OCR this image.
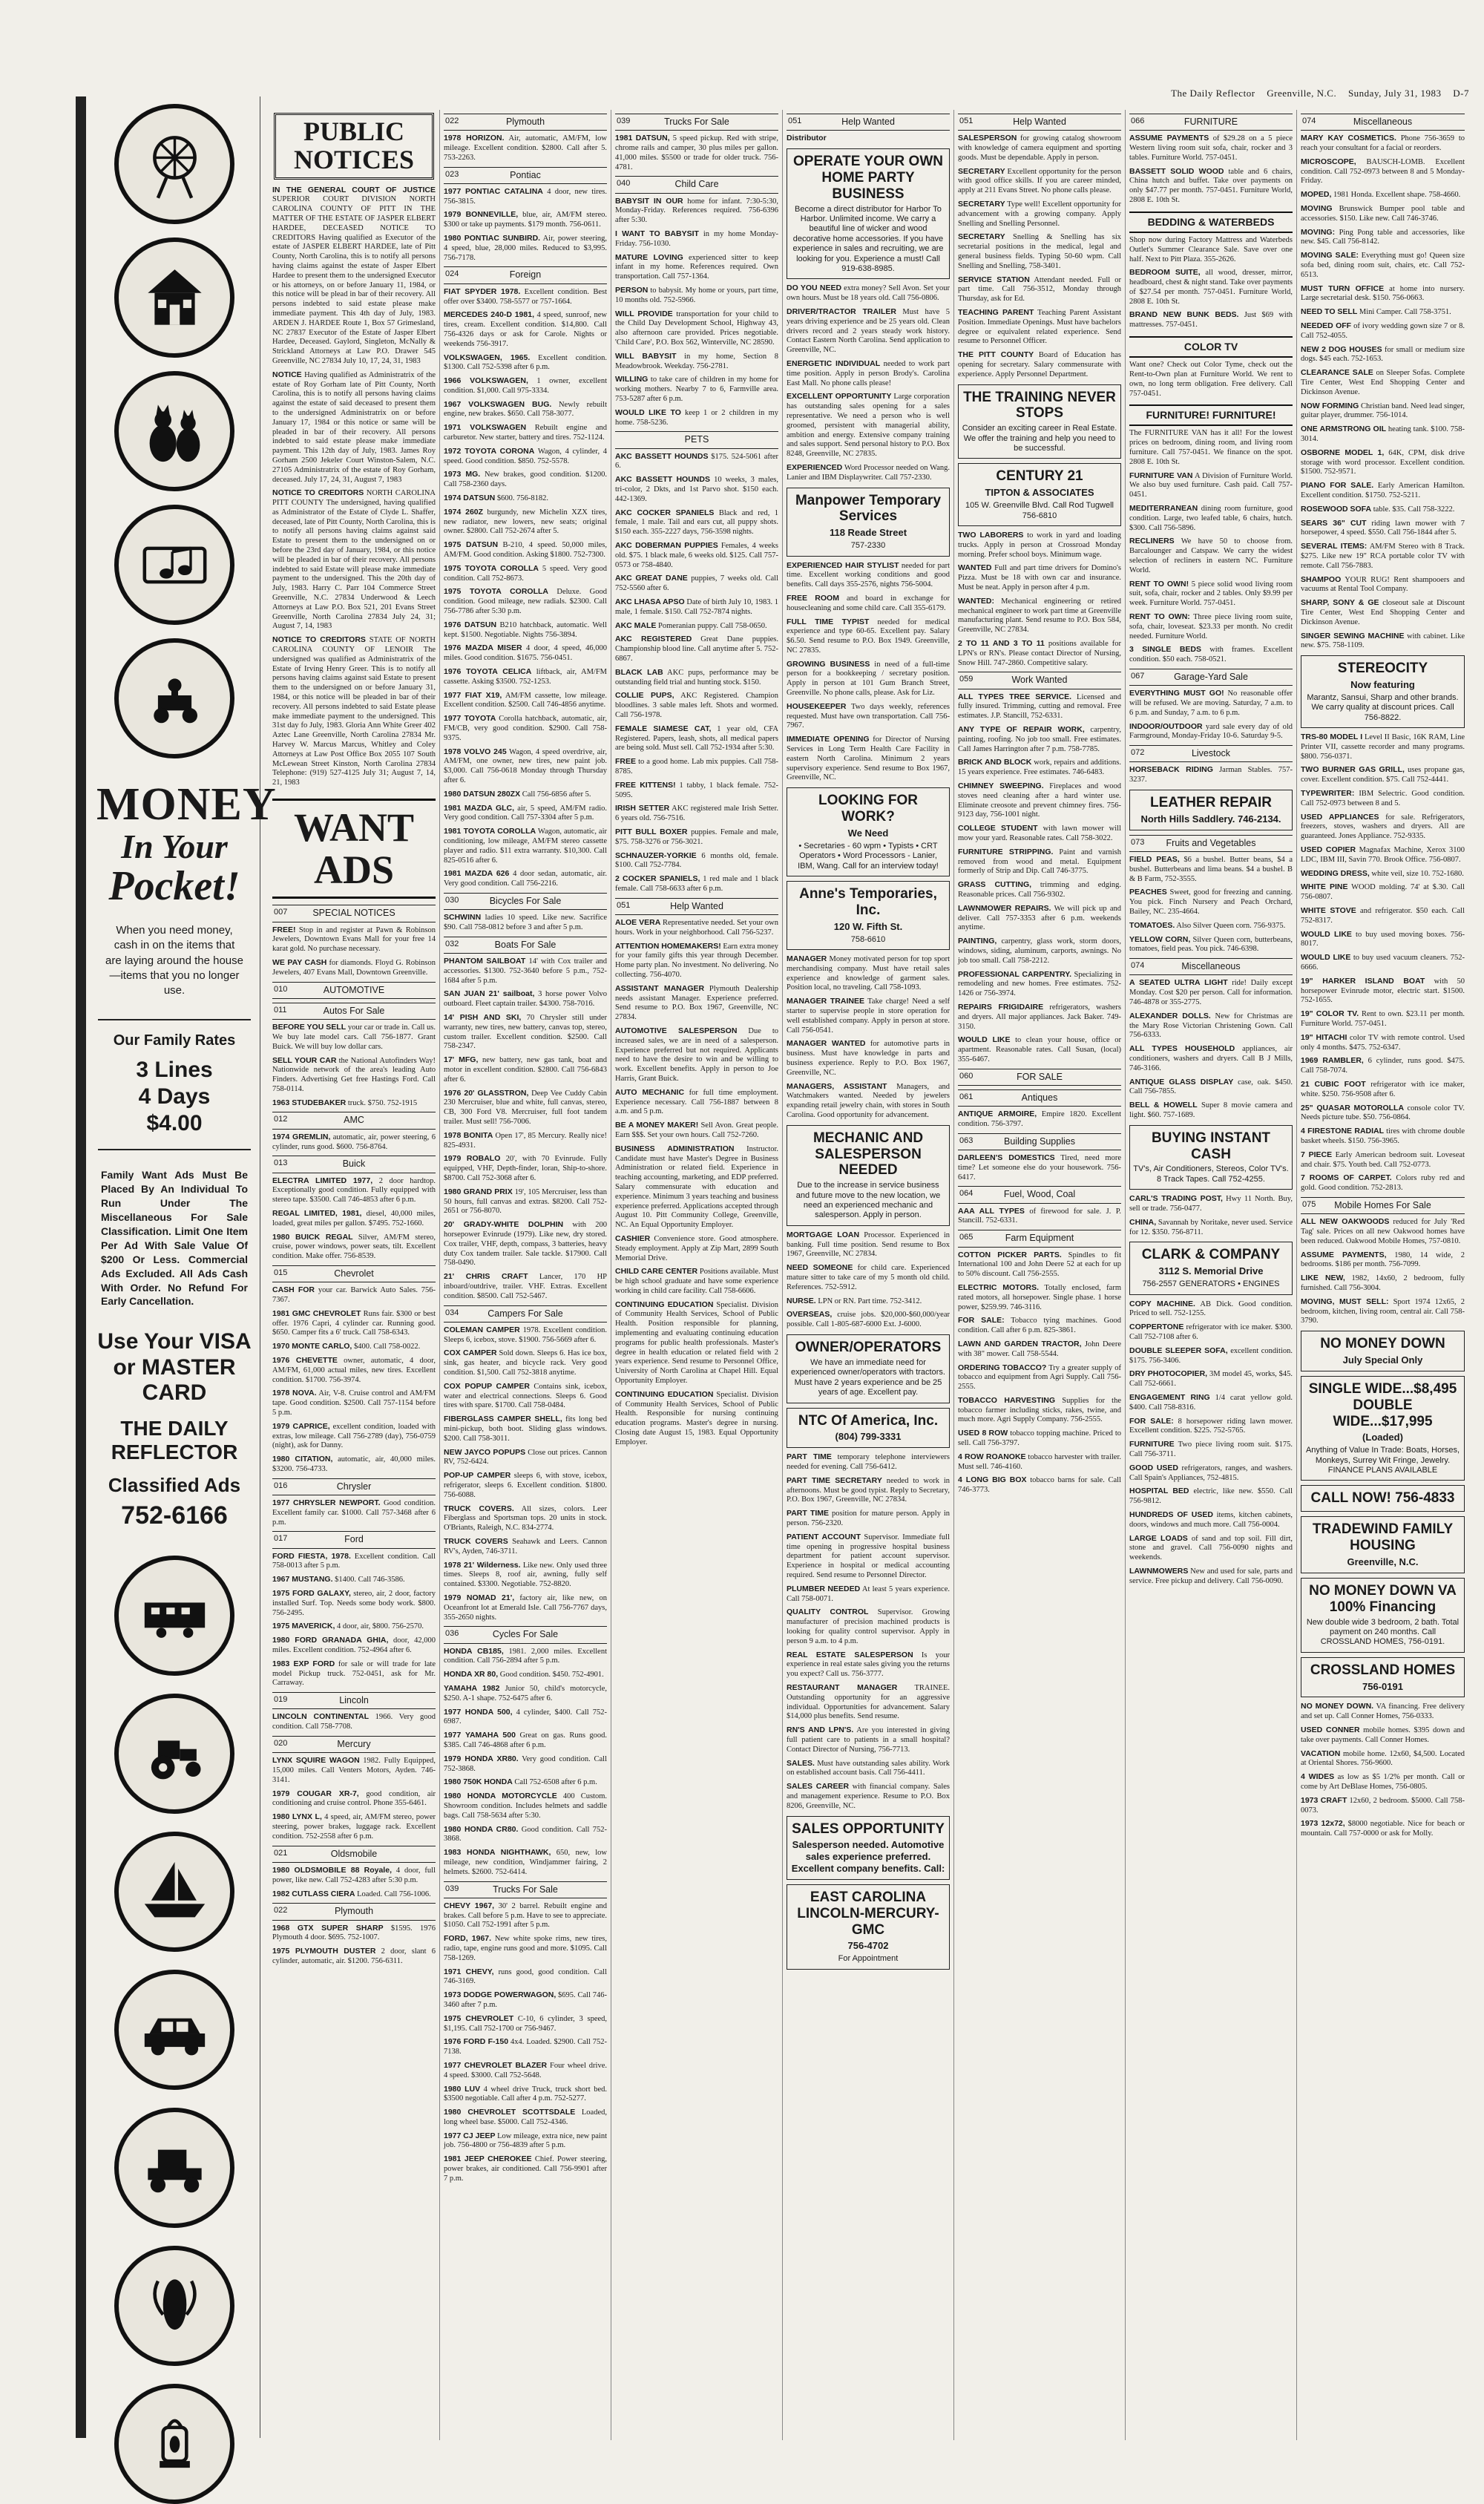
The Daily Reflector Greenville, N.C. Sunday, July 31, 1983 D-7
MONEY
In Your
Pocket!
When you need money, cash in on the items that are laying around the house—items that you no longer use.
Our Family Rates
3 Lines
4 Days
$4.00
Family Want Ads Must Be Placed By An Individual To Run Under The Miscellaneous For Sale Classification. Limit One Item Per Ad With Sale Value Of $200 Or Less. Commercial Ads Excluded. All Ads Cash With Order. No Refund For Early Cancellation.
Use Your VISA or MASTER CARD
THE DAILY REFLECTOR
Classified Ads
752-6166
PUBLIC NOTICES
IN THE GENERAL COURT OF JUSTICE SUPERIOR COURT DIVISION NORTH CAROLINA COUNTY OF PITT IN THE MATTER OF THE ESTATE OF JASPER ELBERT HARDEE, DECEASED NOTICE TO CREDITORS Having qualified as Executor of the estate of JASPER ELBERT HARDEE, late of Pitt County, North Carolina, this is to notify all persons having claims against the estate of Jasper Elbert Hardee to present them to the undersigned Executor or his attorneys, on or before January 11, 1984, or this notice will be plead in bar of their recovery. All persons indebted to said estate please make immediate payment. This 4th day of July, 1983. ARDEN J. HARDEE Route 1, Box 57 Grimesland, NC 27837 Executor of the Estate of Jasper Elbert Hardee, Deceased. Gaylord, Singleton, McNally & Strickland Attorneys at Law P.O. Drawer 545 Greenville, NC 27834 July 10, 17, 24, 31, 1983
NOTICE Having qualified as Administratrix of the estate of Roy Gorham late of Pitt County, North Carolina, this is to notify all persons having claims against the estate of said deceased to present them to the undersigned Administratrix on or before January 17, 1984 or this notice or same will be pleaded in bar of their recovery. All persons indebted to said estate please make immediate payment. This 12th day of July, 1983. James Roy Gorham 2500 Jekeler Court Winston-Salem, N.C. 27105 Administratrix of the estate of Roy Gorham, deceased. July 17, 24, 31, August 7, 1983
NOTICE TO CREDITORS NORTH CAROLINA PITT COUNTY The undersigned, having qualified as Administrator of the Estate of Clyde L. Shaffer, deceased, late of Pitt County, North Carolina, this is to notify all persons having claims against said Estate to present them to the undersigned on or before the 23rd day of January, 1984, or this notice will be pleaded in bar of their recovery. All persons indebted to said Estate will please make immediate payment to the undersigned. This the 20th day of July, 1983. Harry C. Parr 104 Commerce Street Greenville, N.C. 27834 Underwood & Leech Attorneys at Law P.O. Box 521, 201 Evans Street Greenville, North Carolina 27834 July 24, 31; August 7, 14, 1983
NOTICE TO CREDITORS STATE OF NORTH CAROLINA COUNTY OF LENOIR The undersigned was qualified as Administratrix of the Estate of Irving Henry Greer. This is to notify all persons having claims against said Estate to present them to the undersigned on or before January 31, 1984, or this notice will be pleaded in bar of their recovery. All persons indebted to said Estate please make immediate payment to the undersigned. This 31st day fo July, 1983. Gloria Ann White Greer 402 Aztec Lane Greenville, North Carolina 27834 Mr. Harvey W. Marcus Marcus, Whitley and Coley Attorneys at Law Post Office Box 2055 107 South McLewean Street Kinston, North Carolina 27834 Telephone: (919) 527-4125 July 31; August 7, 14, 21, 1983
WANT ADS
007	SPECIAL NOTICES
FREE! Stop in and register at Pawn & Robinson Jewelers, Downtown Evans Mall for your free 14 karat gold. No purchase necessary.
WE PAY CASH for diamonds. Floyd G. Robinson Jewelers, 407 Evans Mall, Downtown Greenville.
010	AUTOMOTIVE
011	Autos For Sale
BEFORE YOU SELL your car or trade in. Call us. We buy late model cars. Call 756-1877. Grant Buick. We will buy low dollar cars.
SELL YOUR CAR the National Autofinders Way! Nationwide network of the area's leading Auto Finders. Advertising Get free Hastings Ford. Call 758-0114.
1963 STUDEBAKER truck. $750. 752-1915
012	AMC
1974 GREMLIN, automatic, air, power steering, 6 cylinder, runs good. $600. 756-8764.
013	Buick
ELECTRA LIMITED 1977, 2 door hardtop. Exceptionally good condition. Fully equipped with stereo tape. $3500. Call 746-4853 after 6 p.m.
REGAL LIMITED, 1981, diesel, 40,000 miles, loaded, great miles per gallon. $7495. 752-1660.
1980 BUICK REGAL Silver, AM/FM stereo, cruise, power windows, power seats, tilt. Excellent condition. Make offer. 756-8539.
015	Chevrolet
CASH FOR your car. Barwick Auto Sales. 756-7367.
1981 GMC CHEVROLET Runs fair. $300 or best offer. 1976 Capri, 4 cylinder car. Running good. $650. Camper fits a 6' truck. Call 758-6343.
1970 MONTE CARLO, $400. Call 758-0022.
1976 CHEVETTE owner, automatic, 4 door, AM/FM, 61,000 actual miles, new tires. Excellent condition. $1700. 756-3974.
1978 NOVA. Air, V-8. Cruise control and AM/FM tape. Good condition. $2500. Call 757-1154 before 5 p.m.
1979 CAPRICE, excellent condition, loaded with extras, low mileage. Call 756-2789 (day), 756-0759 (night), ask for Danny.
1980 CITATION, automatic, air, 40,000 miles. $3200. 756-4733.
016	Chrysler
1977 CHRYSLER NEWPORT. Good condition. Excellent family car. $1000. Call 757-3468 after 6 p.m.
017	Ford
FORD FIESTA, 1978. Excellent condition. Call 758-0013 after 5 p.m.
1967 MUSTANG. $1400. Call 746-3586.
1975 FORD GALAXY, stereo, air, 2 door, factory installed Surf. Top. Needs some body work. $800. 756-2495.
1975 MAVERICK, 4 door, air, $800. 756-2570.
1980 FORD GRANADA GHIA, door, 42,000 miles. Excellent condition. 752-4964 after 6.
1983 EXP FORD for sale or will trade for late model Pickup truck. 752-0451, ask for Mr. Carraway.
019	Lincoln
LINCOLN CONTINENTAL 1966. Very good condition. Call 758-7708.
020	Mercury
LYNX SQUIRE WAGON 1982. Fully Equipped, 15,000 miles. Call Venters Motors, Ayden. 746-3141.
1979 COUGAR XR-7, good condition, air conditioning and cruise control. Phone 355-6461.
1980 LYNX L, 4 speed, air, AM/FM stereo, power steering, power brakes, luggage rack. Excellent condition. 752-2558 after 6 p.m.
021	Oldsmobile
1980 OLDSMOBILE 88 Royale, 4 door, full power, like new. Call 752-4283 after 5:30 p.m.
1982 CUTLASS CIERA Loaded. Call 756-1006.
022	Plymouth
1968 GTX SUPER SHARP $1595. 1976 Plymouth 4 door. $695. 752-1007.
1975 PLYMOUTH DUSTER 2 door, slant 6 cylinder, automatic, air. $1200. 756-6311.
022	Plymouth
1978 HORIZON. Air, automatic, AM/FM, low mileage. Excellent condition. $2800. Call after 5. 753-2263.
023	Pontiac
1977 PONTIAC CATALINA 4 door, new tires. 756-3815.
1979 BONNEVILLE, blue, air, AM/FM stereo. $300 or take up payments. $179 month. 756-0611.
1980 PONTIAC SUNBIRD. Air, power steering, 4 speed, blue, 28,000 miles. Reduced to $3,995. 756-7178.
024	Foreign
FIAT SPYDER 1978. Excellent condition. Best offer over $3400. 758-5577 or 757-1664.
MERCEDES 240-D 1981, 4 speed, sunroof, new tires, cream. Excellent condition. $14,800. Call 756-4326 days or ask for Carole. Nights or weekends 756-3917.
VOLKSWAGEN, 1965. Excellent condition. $1300. Call 752-5398 after 6 p.m.
1966 VOLKSWAGEN, 1 owner, excellent condition. $1,000. Call 975-3334.
1967 VOLKSWAGEN BUG. Newly rebuilt engine, new brakes. $650. Call 758-3077.
1971 VOLKSWAGEN Rebuilt engine and carburetor. New starter, battery and tires. 752-1124.
1972 TOYOTA CORONA Wagon, 4 cylinder, 4 speed. Good condition. $850. 752-5578.
1973 MG. New brakes, good condition. $1200. Call 758-2360 days.
1974 DATSUN $600. 756-8182.
1974 260Z burgundy, new Michelin XZX tires, new radiator, new lowers, new seats; original owner. $2800. Call 752-2674 after 5.
1975 DATSUN B-210, 4 speed. 50,000 miles, AM/FM. Good condition. Asking $1800. 752-7300.
1975 TOYOTA COROLLA 5 speed. Very good condition. Call 752-8673.
1975 TOYOTA COROLLA Deluxe. Good condition. Good mileage, new radials. $2300. Call 756-7786 after 5:30 p.m.
1976 DATSUN B210 hatchback, automatic. Well kept. $1500. Negotiable. Nights 756-3894.
1976 MAZDA MISER 4 door, 4 speed, 46,000 miles. Good condition. $1675. 756-0451.
1976 TOYOTA CELICA liftback, air, AM/FM cassette. Asking $3500. 752-1253.
1977 FIAT X19, AM/FM cassette, low mileage. Excellent condition. $2500. Call 746-4856 anytime.
1977 TOYOTA Corolla hatchback, automatic, air, FM/CB, very good condition. $2900. Call 758-9375.
1978 VOLVO 245 Wagon, 4 speed overdrive, air, AM/FM, one owner, new tires, new paint job. $3,000. Call 756-0618 Monday through Thursday after 6.
1980 DATSUN 280ZX Call 756-6856 after 5.
1981 MAZDA GLC, air, 5 speed, AM/FM radio. Very good condition. Call 757-3304 after 5 p.m.
1981 TOYOTA COROLLA Wagon, automatic, air conditioning, low mileage, AM/FM stereo cassette player and radio. $11 extra warranty. $10,300. Call 825-0516 after 6.
1981 MAZDA 626 4 door sedan, automatic, air. Very good condition. Call 756-2216.
030	Bicycles For Sale
SCHWINN ladies 10 speed. Like new. Sacrifice $90. Call 758-0812 before 3 and after 5 p.m.
032	Boats For Sale
PHANTOM SAILBOAT 14' with Cox trailer and accessories. $1300. 752-3640 before 5 p.m., 752-1684 after 5 p.m.
SAN JUAN 21' sailboat, 3 horse power Volvo outboard. Fleet captain trailer. $4300. 758-7016.
14' PISH AND SKI, 70 Chrysler still under warranty, new tires, new battery, canvas top, stereo, custom trailer. Excellent condition. $2500. Call 758-2347.
17' MFG, new battery, new gas tank, boat and motor in excellent condition. $2800. Call 756-6843 after 6.
1976 20' GLASSTRON, Deep Vee Cuddy Cabin 230 Mercruiser, blue and white, full canvas, stereo, CB, 300 Ford V8. Mercruiser, full foot tandem trailer. Must sell! 756-7006.
1978 BONITA Open 17', 85 Mercury. Really nice! 825-4931.
1979 ROBALO 20', with 70 Evinrude. Fully equipped, VHF, Depth-finder, loran, Ship-to-shore. $8700. Call 752-3068 after 6.
1980 GRAND PRIX 19', 105 Mercruiser, less than 50 hours, full canvas and extras. $8200. Call 752-2651 or 756-8070.
20' GRADY-WHITE DOLPHIN with 200 horsepower Evinrude (1979). Like new, dry stored. Cox trailer, VHF, depth, compass, 3 batteries, heavy duty Cox tandem trailer. Sale tackle. $17900. Call 758-0490.
21' CHRIS CRAFT Lancer, 170 HP inboard/outdrive, trailer. VHF. Extras. Excellent condition. $8500. Call 752-5467.
034	Campers For Sale
COLEMAN CAMPER 1978. Excellent condition. Sleeps 6, icebox, stove. $1900. 756-5669 after 6.
COX CAMPER Sold down. Sleeps 6. Has ice box, sink, gas heater, and bicycle rack. Very good condition. $1,500. Call 752-3818 anytime.
COX POPUP CAMPER Contains sink, icebox, water and electrical connections. Sleeps 6. Good tires with spare. $1700. Call 758-0484.
FIBERGLASS CAMPER SHELL, fits long bed mini-pickup, both boot. Sliding glass windows. $200. Call 758-3011.
NEW JAYCO POPUPS Close out prices. Cannon RV, 752-6424.
POP-UP CAMPER sleeps 6, with stove, icebox, refrigerator, sleeps 6. Excellent condition. $1800. 756-6088.
TRUCK COVERS. All sizes, colors. Leer Fiberglass and Sportsman tops. 20 units in stock. O'Briants, Raleigh, N.C. 834-2774.
TRUCK COVERS Seahawk and Leers. Cannon RV's, Ayden, 746-3711.
1978 21' Wilderness. Like new. Only used three times. Sleeps 8, roof air, awning, fully self contained. $3300. Negotiable. 752-8820.
1979 NOMAD 21', factory air, like new, on Oceanfront lot at Emerald Isle. Call 756-7767 days, 355-2650 nights.
036	Cycles For Sale
HONDA CB185, 1981. 2,000 miles. Excellent condition. Call 756-2894 after 5 p.m.
HONDA XR 80, Good condition. $450. 752-4901.
YAMAHA 1982 Junior 50, child's motorcycle, $250. A-1 shape. 752-6475 after 6.
1977 HONDA 500, 4 cylinder, $400. Call 752-6987.
1977 YAMAHA 500 Great on gas. Runs good. $385. Call 746-4868 after 6 p.m.
1979 HONDA XR80. Very good condition. Call 752-3868.
1980 750K HONDA Call 752-6508 after 6 p.m.
1980 HONDA MOTORCYCLE 400 Custom. Showroom condition. Includes helmets and saddle bags. Call 758-5634 after 5:30.
1980 HONDA CR80. Good condition. Call 752-3868.
1983 HONDA NIGHTHAWK, 650, new, low mileage, new condition, Windjammer fairing, 2 helmets. $2600. 752-6414.
039	Trucks For Sale
CHEVY 1967, 30' 2 barrel. Rebuilt engine and brakes. Call before 5 p.m. Have to see to appreciate. $1050. Call 752-1991 after 5 p.m.
FORD, 1967. New white spoke rims, new tires, radio, tape, engine runs good and more. $1095. Call 758-1269.
1971 CHEVY, runs good, good condition. Call 746-3169.
1973 DODGE POWERWAGON, $695. Call 746-3460 after 7 p.m.
1975 CHEVROLET C-10, 6 cylinder, 3 speed, $1,195. Call 752-1700 or 756-9467.
1976 FORD F-150 4x4. Loaded. $2900. Call 752-7138.
1977 CHEVROLET BLAZER Four wheel drive. 4 speed. $3000. Call 752-5648.
1980 LUV 4 wheel drive Truck, truck short bed. $3500 negotiable. Call after 4 p.m. 752-5277.
1980 CHEVROLET SCOTTSDALE Loaded, long wheel base. $5000. Call 752-4346.
1977 CJ JEEP Low mileage, extra nice, new paint job. 756-4800 or 756-4839 after 5 p.m.
1981 JEEP CHEROKEE Chief. Power steering, power brakes, air conditioned. Call 756-9901 after 7 p.m.
039	Trucks For Sale
1981 DATSUN, 5 speed pickup. Red with stripe, chrome rails and camper, 30 plus miles per gallon. 41,000 miles. $5500 or trade for older truck. 756-4781.
040	Child Care
BABYSIT IN OUR home for infant. 7:30-5:30, Monday-Friday. References required. 756-6396 after 5:30.
I WANT TO BABYSIT in my home Monday-Friday. 756-1030.
MATURE LOVING experienced sitter to keep infant in my home. References required. Own transportation. Call 757-1364.
PERSON to babysit. My home or yours, part time, 10 months old. 752-5966.
WILL PROVIDE transportation for your child to the Child Day Development School, Highway 43, also afternoon care provided. Prices negotiable. 'Child Care', P.O. Box 562, Winterville, NC 28590.
WILL BABYSIT in my home, Section 8 Meadowbrook. Weekday. 756-2781.
WILLING to take care of children in my home for working mothers. Nearby 7 to 6, Farmville area. 753-5287 after 6 p.m.
WOULD LIKE TO keep 1 or 2 children in my home. 758-5236.
PETS
AKC BASSETT HOUNDS $175. 524-5061 after 6.
AKC BASSETT HOUNDS 10 weeks, 3 males, tri-color, 2 Dkts, and 1st Parvo shot. $150 each. 442-1369.
AKC COCKER SPANIELS Black and red, 1 female, 1 male. Tail and ears cut, all puppy shots. $150 each. 355-2227 days, 756-3598 nights.
AKC DOBERMAN PUPPIES Females, 4 weeks old. $75. 1 black male, 6 weeks old. $125. Call 757-0573 or 758-4840.
AKC GREAT DANE puppies, 7 weeks old. Call 752-5560 after 6.
AKC LHASA APSO Date of birth July 10, 1983. 1 male, 1 female. $150. Call 752-7874 nights.
AKC MALE Pomeranian puppy. Call 758-0650.
AKC REGISTERED Great Dane puppies. Championship blood line. Call anytime after 5. 752-6867.
BLACK LAB AKC pups, performance may be outstanding field trial and hunting stock. $150.
COLLIE PUPS, AKC Registered. Champion bloodlines. 3 sable males left. Shots and wormed. Call 756-1978.
FEMALE SIAMESE CAT, 1 year old, CFA Registered. Papers, leash, shots, all medical papers are being sold. Must sell. Call 752-1934 after 5:30.
FREE to a good home. Lab mix puppies. Call 758-8785.
FREE KITTENS! 1 tabby, 1 black female. 752-5095.
IRISH SETTER AKC registered male Irish Setter. 6 years old. 756-7516.
PITT BULL BOXER puppies. Female and male, $75. 758-3276 or 756-3021.
SCHNAUZER-YORKIE 6 months old, female. $100. Call 752-7784.
2 COCKER SPANIELS, 1 red male and 1 black female. Call 758-6633 after 6 p.m.
051	Help Wanted
ALOE VERA Representative needed. Set your own hours. Work in your neighborhood. Call 756-5237.
ATTENTION HOMEMAKERS! Earn extra money for your family gifts this year through December. Home party plan. No investment. No delivering. No collecting. 756-4070.
ASSISTANT MANAGER Plymouth Dealership needs assistant Manager. Experience preferred. Send resume to P.O. Box 1967, Greenville, NC 27834.
AUTOMOTIVE SALESPERSON Due to increased sales, we are in need of a salesperson. Experience preferred but not required. Applicants need to have the desire to win and be willing to work. Excellent benefits. Apply in person to Joe Harris, Grant Buick.
AUTO MECHANIC for full time employment. Experience necessary. Call 756-1887 between 8 a.m. and 5 p.m.
BE A MONEY MAKER! Sell Avon. Great people. Earn $$$. Set your own hours. Call 752-7260.
BUSINESS ADMINISTRATION Instructor. Candidate must have Master's Degree in Business Administration or related field. Experience in teaching accounting, marketing, and EDP preferred. Salary commensurate with education and experience. Minimum 3 years teaching and business experience preferred. Applications accepted through August 10. Pitt Community College, Greenville, NC. An Equal Opportunity Employer.
CASHIER Convenience store. Good atmosphere. Steady employment. Apply at Zip Mart, 2899 South Memorial Drive.
CHILD CARE CENTER Positions available. Must be high school graduate and have some experience working in child care facility. Call 758-6606.
CONTINUING EDUCATION Specialist. Division of Community Health Services, School of Public Health. Position responsible for planning, implementing and evaluating continuing education programs for public health professionals. Master's degree in health education or related field with 2 years experience. Send resume to Personnel Office, University of North Carolina at Chapel Hill. Equal Opportunity Employer.
CONTINUING EDUCATION Specialist. Division of Community Health Services, School of Public Health. Responsible for nursing continuing education programs. Master's degree in nursing. Closing date August 15, 1983. Equal Opportunity Employer.
051	Help Wanted
Distributor
OPERATE YOUR OWN HOME PARTY BUSINESS
Become a direct distributor for Harbor To Harbor. Unlimited income. We carry a beautiful line of wicker and wood decorative home accessories. If you have experience in sales and recruiting, we are looking for you. Experience a must! Call 919-638-8985.
DO YOU NEED extra money? Sell Avon. Set your own hours. Must be 18 years old. Call 756-0806.
DRIVER/TRACTOR TRAILER Must have 5 years driving experience and be 25 years old. Clean drivers record and 2 years steady work history. Contact Eastern North Carolina. Send application to Greenville, NC.
ENERGETIC INDIVIDUAL needed to work part time position. Apply in person Brody's. Carolina East Mall. No phone calls please!
EXCELLENT OPPORTUNITY Large corporation has outstanding sales opening for a sales representative. We need a person who is well groomed, persistent with managerial ability, ambition and energy. Extensive company training and sales support. Send personal history to P.O. Box 8248, Greenville, NC 27835.
EXPERIENCED Word Processor needed on Wang. Lanier and IBM Displaywriter. Call 757-2330.
Manpower Temporary Services
118 Reade Street
757-2330
EXPERIENCED HAIR STYLIST needed for part time. Excellent working conditions and good benefits. Call days 355-2576, nights 756-5004.
FREE ROOM and board in exchange for housecleaning and some child care. Call 355-6179.
FULL TIME TYPIST needed for medical experience and type 60-65. Excellent pay. Salary $6.50. Send resume to P.O. Box 1949. Greenville, NC 27835.
GROWING BUSINESS in need of a full-time person for a bookkeeping / secretary position. Apply in person at 101 Gum Branch Street, Greenville. No phone calls, please. Ask for Liz.
HOUSEKEEPER Two days weekly, references requested. Must have own transportation. Call 756-7967.
IMMEDIATE OPENING for Director of Nursing Services in Long Term Health Care Facility in eastern North Carolina. Minimum 2 years supervisory experience. Send resume to Box 1967, Greenville, NC.
LOOKING FOR WORK?
We Need
• Secretaries - 60 wpm • Typists • CRT Operators • Word Processors - Lanier, IBM, Wang. Call for an interview today!
Anne's Temporaries, Inc.
120 W. Fifth St.
758-6610
MANAGER Money motivated person for top sport merchandising company. Must have retail sales experience and knowledge of garment sales. Position local, no traveling. Call 758-1093.
MANAGER TRAINEE Take charge! Need a self starter to supervise people in store operation for well established company. Apply in person at store. Call 756-0541.
MANAGER WANTED for automotive parts in business. Must have knowledge in parts and business experience. Reply to P.O. Box 1967, Greenville, NC.
MANAGERS, ASSISTANT Managers, and Watchmakers wanted. Needed by jewelers expanding retail jewelry chain, with stores in South Carolina. Good opportunity for advancement.
MECHANIC AND SALESPERSON NEEDED
Due to the increase in service business and future move to the new location, we need an experienced mechanic and salesperson. Apply in person.
MORTGAGE LOAN Processor. Experienced in banking. Full time position. Send resume to Box 1967, Greenville, NC 27834.
NEED SOMEONE for child care. Experienced mature sitter to take care of my 5 month old child. References. 752-5912.
NURSE. LPN or RN. Part time. 752-3412.
OVERSEAS, cruise jobs. $20,000-$60,000/year possible. Call 1-805-687-6000 Ext. J-6000.
OWNER/OPERATORS
We have an immediate need for experienced owner/operators with tractors. Must have 2 years experience and be 25 years of age. Excellent pay.
NTC Of America, Inc.
(804) 799-3331
PART TIME temporary telephone interviewers needed for evening. Call 756-6412.
PART TIME SECRETARY needed to work in afternoons. Must be good typist. Reply to Secretary, P.O. Box 1967, Greenville, NC 27834.
PART TIME position for mature person. Apply in person. 756-2320.
PATIENT ACCOUNT Supervisor. Immediate full time opening in progressive hospital business department for patient account supervisor. Experience in hospital or medical accounting required. Send resume to Personnel Director.
PLUMBER NEEDED At least 5 years experience. Call 758-0071.
QUALITY CONTROL Supervisor. Growing manufacturer of precision machined products is looking for quality control supervisor. Apply in person 9 a.m. to 4 p.m.
REAL ESTATE SALESPERSON Is your experience in real estate sales giving you the returns you expect? Call us. 756-3777.
RESTAURANT MANAGER TRAINEE. Outstanding opportunity for an aggressive individual. Opportunities for advancement. Salary $14,000 plus benefits. Send resume.
RN'S AND LPN'S. Are you interested in giving full patient care to patients in a small hospital? Contact Director of Nursing, 756-7713.
SALES. Must have outstanding sales ability. Work on established account basis. Call 756-4411.
SALES CAREER with financial company. Sales and management experience. Resume to P.O. Box 8206, Greenville, NC.
SALES OPPORTUNITY
Salesperson needed. Automotive sales experience preferred. Excellent company benefits. Call:
EAST CAROLINA LINCOLN-MERCURY-GMC
756-4702
For Appointment
051	Help Wanted
SALESPERSON for growing catalog showroom with knowledge of camera equipment and sporting goods. Must be dependable. Apply in person.
SECRETARY Excellent opportunity for the person with good office skills. If you are career minded, apply at 211 Evans Street. No phone calls please.
SECRETARY Type well! Excellent opportunity for advancement with a growing company. Apply Snelling and Snelling Personnel.
SECRETARY Snelling & Snelling has six secretarial positions in the medical, legal and general business fields. Typing 50-60 wpm. Call Snelling and Snelling, 758-3401.
SERVICE STATION Attendant needed. Full or part time. Call 756-3512, Monday through Thursday, ask for Ed.
TEACHING PARENT Teaching Parent Assistant Position. Immediate Openings. Must have bachelors degree or equivalent related experience. Send resume to Personnel Officer.
THE PITT COUNTY Board of Education has opening for secretary. Salary commensurate with experience. Apply Personnel Department.
THE TRAINING NEVER STOPS
Consider an exciting career in Real Estate. We offer the training and help you need to be successful.
CENTURY 21
TIPTON & ASSOCIATES
105 W. Greenville Blvd. Call Rod Tugwell 756-6810
TWO LABORERS to work in yard and loading trucks. Apply in person at Crossroad Monday morning. Prefer school boys. Minimum wage.
WANTED Full and part time drivers for Domino's Pizza. Must be 18 with own car and insurance. Must be neat. Apply in person after 4 p.m.
WANTED: Mechanical engineering or retired mechanical engineer to work part time at Greenville manufacturing plant. Send resume to P.O. Box 584, Greenville, NC 27834.
2 TO 11 AND 3 TO 11 positions available for LPN's or RN's. Please contact Director of Nursing, Snow Hill. 747-2860. Competitive salary.
059	Work Wanted
ALL TYPES TREE SERVICE. Licensed and fully insured. Trimming, cutting and removal. Free estimates. J.P. Stancill, 752-6331.
ANY TYPE OF REPAIR WORK, carpentry, painting, roofing. No job too small. Free estimates. Call James Harrington after 7 p.m. 758-7785.
BRICK AND BLOCK work, repairs and additions. 15 years experience. Free estimates. 746-6483.
CHIMNEY SWEEPING. Fireplaces and wood stoves need cleaning after a hard winter use. Eliminate creosote and prevent chimney fires. 756-9123 day, 756-1001 night.
COLLEGE STUDENT with lawn mower will mow your yard. Reasonable rates. Call 758-3022.
FURNITURE STRIPPING. Paint and varnish removed from wood and metal. Equipment formerly of Strip and Dip. Call 746-3775.
GRASS CUTTING, trimming and edging. Reasonable prices. Call 756-9302.
LAWNMOWER REPAIRS. We will pick up and deliver. Call 757-3353 after 6 p.m. weekends anytime.
PAINTING, carpentry, glass work, storm doors, windows, siding, aluminum, carports, awnings. No job too small. Call 758-2212.
PROFESSIONAL CARPENTRY. Specializing in remodeling and new homes. Free estimates. 752-1426 or 756-3974.
REPAIRS FRIGIDAIRE refrigerators, washers and dryers. All major appliances. Jack Baker. 749-3150.
WOULD LIKE to clean your house, office or apartment. Reasonable rates. Call Susan, (local) 355-6467.
060	FOR SALE
061	Antiques
ANTIQUE ARMOIRE, Empire 1820. Excellent condition. 756-3797.
063	Building Supplies
DARLEEN'S DOMESTICS Tired, need more time? Let someone else do your housework. 756-6417.
064	Fuel, Wood, Coal
AAA ALL TYPES of firewood for sale. J. P. Stancill. 752-6331.
065	Farm Equipment
COTTON PICKER PARTS. Spindles to fit International 100 and John Deere 52 at each for up to 50% discount. Call 756-2555.
ELECTRIC MOTORS. Totally enclosed, farm rated motors, all horsepower. Single phase. 1 horse power, $259.99. 746-3116.
FOR SALE: Tobacco tying machines. Good condition. Call after 6 p.m. 825-3861.
LAWN AND GARDEN TRACTOR, John Deere with 38" mower. Call 758-5544.
ORDERING TOBACCO? Try a greater supply of tobacco and equipment from Agri Supply. Call 756-2555.
TOBACCO HARVESTING Supplies for the tobacco farmer including sticks, rakes, twine, and much more. Agri Supply Company. 756-2555.
USED 8 ROW tobacco topping machine. Priced to sell. Call 756-3797.
4 ROW ROANOKE tobacco harvester with trailer. Must sell. 746-4160.
4 LONG BIG BOX tobacco barns for sale. Call 746-3773.
066	FURNITURE
ASSUME PAYMENTS of $29.28 on a 5 piece Western living room suit sofa, chair, rocker and 3 tables. Furniture World. 757-0451.
BASSETT SOLID WOOD table and 6 chairs, China hutch and buffet. Take over payments on only $47.77 per month. 757-0451. Furniture World, 2808 E. 10th St.
BEDDING & WATERBEDS
Shop now during Factory Mattress and Waterbeds Outlet's Summer Clearance Sale. Save over one half. Next to Pitt Plaza. 355-2626.
BEDROOM SUITE, all wood, dresser, mirror, headboard, chest & night stand. Take over payments of $27.54 per month. 757-0451. Furniture World, 2808 E. 10th St.
BRAND NEW BUNK BEDS. Just $69 with mattresses. 757-0451.
COLOR TV
Want one? Check out Color Tyme, check out the Rent-to-Own plan at Furniture World. We rent to own, no long term obligation. Free delivery. Call 757-0451.
FURNITURE! FURNITURE!
The FURNITURE VAN has it all! For the lowest prices on bedroom, dining room, and living room furniture. Call 757-0451. We finance on the spot. 2808 E. 10th St.
FURNITURE VAN A Division of Furniture World. We also buy used furniture. Cash paid. Call 757-0451.
MEDITERRANEAN dining room furniture, good condition. Large, two leafed table, 6 chairs, hutch. $300. Call 756-5896.
RECLINERS We have 50 to choose from. Barcalounger and Catspaw. We carry the widest selection of recliners in eastern NC. Furniture World.
RENT TO OWN! 5 piece solid wood living room suit, sofa, chair, rocker and 2 tables. Only $9.99 per week. Furniture World. 757-0451.
RENT TO OWN: Three piece living room suite, sofa, chair, loveseat. $23.33 per month. No credit needed. Furniture World.
3 SINGLE BEDS with frames. Excellent condition. $50 each. 758-0521.
067	Garage-Yard Sale
EVERYTHING MUST GO! No reasonable offer will be refused. We are moving. Saturday, 7 a.m. to 6 p.m. and Sunday, 7 a.m. to 6 p.m.
INDOOR/OUTDOOR yard sale every day of old Farmground, Monday-Friday 10-6. Saturday 9-5.
072	Livestock
HORSEBACK RIDING Jarman Stables. 757-3237.
LEATHER REPAIR
North Hills Saddlery. 746-2134.
073 Fruits and Vegetables
FIELD PEAS, $6 a bushel. Butter beans, $4 a bushel. Butterbeans and lima beans. $4 a bushel. B & B Farm, 752-3555.
PEACHES Sweet, good for freezing and canning. You pick. Finch Nursery and Peach Orchard, Bailey, NC. 235-4664.
TOMATOES. Also Silver Queen corn. 756-9375.
YELLOW CORN, Silver Queen corn, butterbeans, tomatoes, field peas. You pick. 746-6398.
074	Miscellaneous
A SEATED ULTRA LIGHT ride! Daily except Monday. Cost $20 per person. Call for information. 746-4878 or 355-2775.
ALEXANDER DOLLS. New for Christmas are the Mary Rose Victorian Christening Gown. Call 756-6333.
ALL TYPES HOUSEHOLD appliances, air conditioners, washers and dryers. Call B J Mills, 746-3166.
ANTIQUE GLASS DISPLAY case, oak. $450. Call 756-7855.
BELL & HOWELL Super 8 movie camera and light. $60. 757-1689.
BUYING INSTANT CASH
TV's, Air Conditioners, Stereos, Color TV's. 8 Track Tapes. Call 752-4255.
CARL'S TRADING POST, Hwy 11 North. Buy, sell or trade. 756-0477.
CHINA, Savannah by Noritake, never used. Service for 12. $350. 756-8711.
CLARK & COMPANY
3112 S. Memorial Drive
756-2557 GENERATORS • ENGINES
COPY MACHINE. AB Dick. Good condition. Priced to sell. 752-1255.
COPPERTONE refrigerator with ice maker. $300. Call 752-7108 after 6.
DOUBLE SLEEPER SOFA, excellent condition. $175. 756-3406.
DRY PHOTOCOPIER, 3M model 45, works, $45. Call 752-6661.
ENGAGEMENT RING 1/4 carat yellow gold. $400. Call 758-8316.
FOR SALE: 8 horsepower riding lawn mower. Excellent condition. $225. 752-5765.
FURNITURE Two piece living room suit. $175. Call 756-3711.
GOOD USED refrigerators, ranges, and washers. Call Spain's Appliances, 752-4815.
HOSPITAL BED electric, like new. $550. Call 756-9812.
HUNDREDS OF USED items, kitchen cabinets, doors, windows and much more. Call 756-0004.
LARGE LOADS of sand and top soil. Fill dirt, stone and gravel. Call 756-0090 nights and weekends.
LAWNMOWERS New and used for sale, parts and service. Free pickup and delivery. Call 756-0090.
074	Miscellaneous
MARY KAY COSMETICS. Phone 756-3659 to reach your consultant for a facial or reorders.
MICROSCOPE, BAUSCH-LOMB. Excellent condition. Call 752-0973 between 8 and 5 Monday-Friday.
MOPED, 1981 Honda. Excellent shape. 758-4660.
MOVING Brunswick Bumper pool table and accessories. $150. Like new. Call 746-3746.
MOVING: Ping Pong table and accessories, like new. $45. Call 756-8142.
MOVING SALE: Everything must go! Queen size sofa bed, dining room suit, chairs, etc. Call 752-6513.
MUST TURN OFFICE at home into nursery. Large secretarial desk. $150. 756-0663.
NEED TO SELL Mini Camper. Call 758-3751.
NEEDED OFF of ivory wedding gown size 7 or 8. Call 752-4055.
NEW 2 DOG HOUSES for small or medium size dogs. $45 each. 752-1653.
CLEARANCE SALE on Sleeper Sofas. Complete Tire Center, West End Shopping Center and Dickinson Avenue.
NOW FORMING Christian band. Need lead singer, guitar player, drummer. 756-1014.
ONE ARMSTRONG OIL heating tank. $100. 758-3014.
OSBORNE MODEL 1, 64K, CPM, disk drive storage with word processor. Excellent condition. $1500. 752-9571.
PIANO FOR SALE. Early American Hamilton. Excellent condition. $1750. 752-5211.
ROSEWOOD SOFA table. $35. Call 758-3222.
SEARS 36" CUT riding lawn mower with 7 horsepower, 4 speed. $550. Call 756-1844 after 5.
SEVERAL ITEMS: AM/FM Stereo with 8 Track. $275. Like new 19" RCA portable color TV with remote. Call 756-7883.
SHAMPOO YOUR RUG! Rent shampooers and vacuums at Rental Tool Company.
SHARP, SONY & GE closeout sale at Discount Tire Center, West End Shopping Center and Dickinson Avenue.
SINGER SEWING MACHINE with cabinet. Like new. $75. 758-1109.
STEREOCITY
Now featuring
Marantz, Sansui, Sharp and other brands. We carry quality at discount prices. Call 756-8822.
TRS-80 MODEL I Level II Basic, 16K RAM, Line Printer VII, cassette recorder and many programs. $800. 756-0371.
TWO BURNER GAS GRILL, uses propane gas, cover. Excellent condition. $75. Call 752-4441.
TYPEWRITER: IBM Selectric. Good condition. Call 752-0973 between 8 and 5.
USED APPLIANCES for sale. Refrigerators, freezers, stoves, washers and dryers. All are guaranteed. Jones Appliance. 752-9335.
USED COPIER Magnafax Machine, Xerox 3100 LDC, IBM III, Savin 770. Brook Office. 756-0807.
WEDDING DRESS, white veil, size 10. 752-1680.
WHITE PINE WOOD molding. 74' at $.30. Call 756-0807.
WHITE STOVE and refrigerator. $50 each. Call 752-8317.
WOULD LIKE to buy used moving boxes. 756-8017.
WOULD LIKE to buy used vacuum cleaners. 752-6666.
19" HARKER ISLAND BOAT with 50 horsepower Evinrude motor, electric start. $1500. 752-1655.
19" COLOR TV. Rent to own. $23.11 per month. Furniture World. 757-0451.
19" HITACHI color TV with remote control. Used only 4 months. $475. 752-6347.
1969 RAMBLER, 6 cylinder, runs good. $475. Call 758-7074.
21 CUBIC FOOT refrigerator with ice maker, white. $250. 756-9508 after 6.
25" QUASAR MOTOROLLA console color TV. Needs picture tube. $50. 756-0864.
4 FIRESTONE RADIAL tires with chrome double basket wheels. $150. 756-3965.
7 PIECE Early American bedroom suit. Loveseat and chair. $75. Youth bed. Call 752-0773.
7 ROOMS OF CARPET. Colors ruby red and gold. Good condition. 752-2813.
075 Mobile Homes For Sale
ALL NEW OAKWOODS reduced for July 'Red Tag' sale. Prices on all new Oakwood homes have been reduced. Oakwood Mobile Homes, 757-0810.
ASSUME PAYMENTS, 1980, 14 wide, 2 bedrooms. $186 per month. 756-7099.
LIKE NEW, 1982, 14x60, 2 bedroom, fully furnished. Call 756-3004.
MOVING, MUST SELL: Sport 1974 12x65, 2 bedroom, kitchen, living room, central air. Call 758-3790.
NO MONEY DOWN
July Special Only
SINGLE WIDE...$8,495 DOUBLE WIDE...$17,995
(Loaded)
Anything of Value In Trade: Boats, Horses, Monkeys, Surrey Wit Fringe, Jewelry. FINANCE PLANS AVAILABLE
CALL NOW! 756-4833
TRADEWIND FAMILY HOUSING
Greenville, N.C.
NO MONEY DOWN VA 100% Financing
New double wide 3 bedroom, 2 bath. Total payment on 240 months. Call CROSSLAND HOMES, 756-0191.
CROSSLAND HOMES
756-0191
NO MONEY DOWN. VA financing. Free delivery and set up. Call Conner Homes, 756-0333.
USED CONNER mobile homes. $395 down and take over payments. Call Conner Homes.
VACATION mobile home. 12x60, $4,500. Located at Oriental Shores. 756-9600.
4 WIDES as low as $5 1/2% per month. Call or come by Art DeBlase Homes, 756-0805.
1973 CRAFT 12x60, 2 bedroom. $5000. Call 758-0073.
1973 12x72, $8000 negotiable. Nice for beach or mountain. Call 757-0000 or ask for Molly.
